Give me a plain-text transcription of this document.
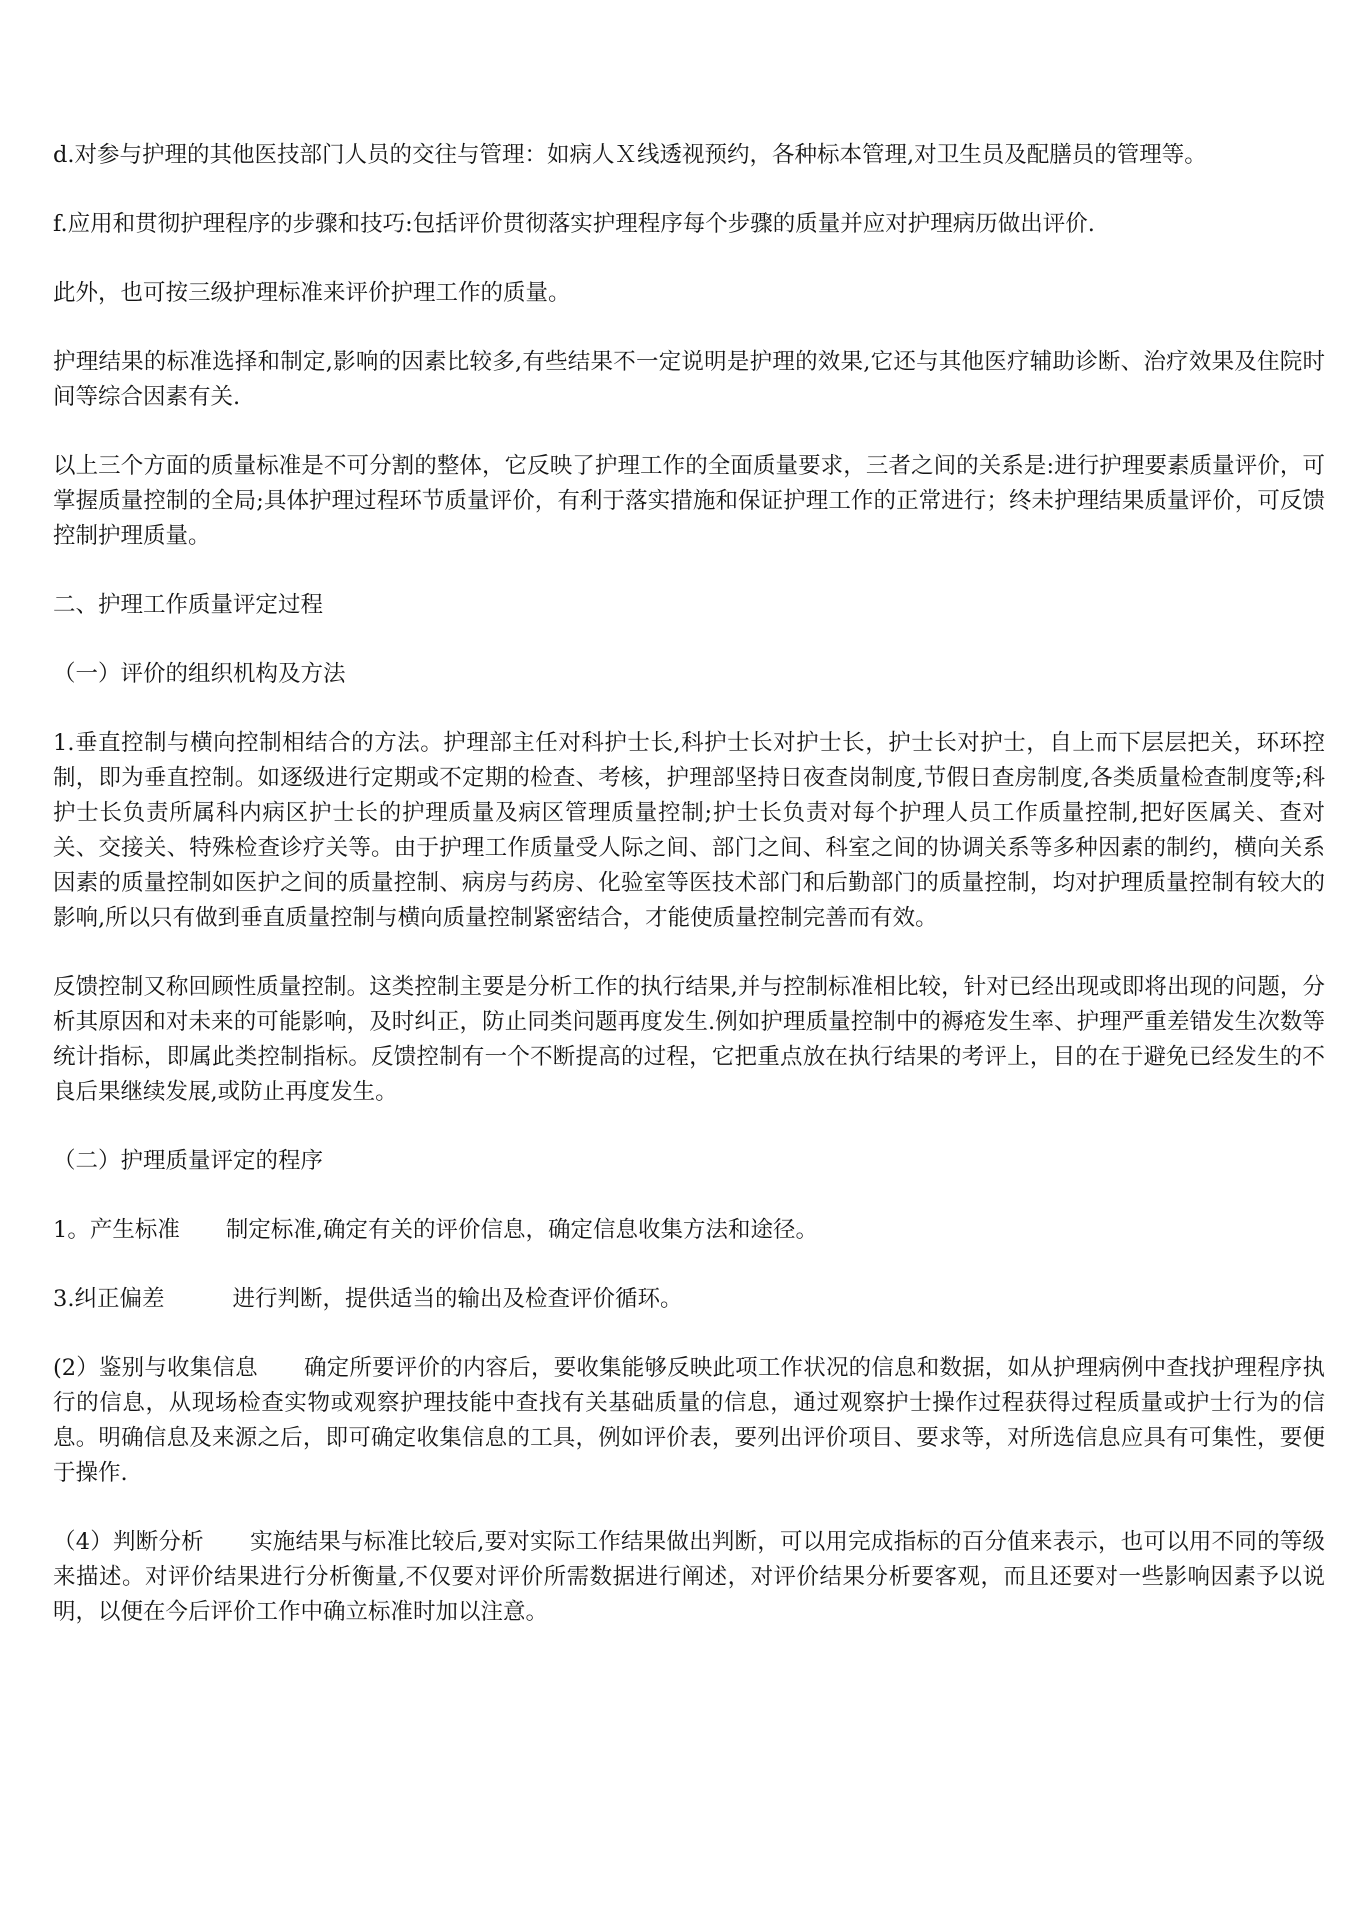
d.对参与护理的其他医技部门人员的交往与管理：如病人Ｘ线透视预约，各种标本管理,对卫生员及配膳员的管理等。

f.应用和贯彻护理程序的步骤和技巧:包括评价贯彻落实护理程序每个步骤的质量并应对护理病历做出评价.

此外，也可按三级护理标准来评价护理工作的质量。

护理结果的标准选择和制定,影响的因素比较多,有些结果不一定说明是护理的效果,它还与其他医疗辅助诊断、治疗效果及住院时间等综合因素有关.

以上三个方面的质量标准是不可分割的整体，它反映了护理工作的全面质量要求，三者之间的关系是:进行护理要素质量评价，可掌握质量控制的全局;具体护理过程环节质量评价，有利于落实措施和保证护理工作的正常进行；终未护理结果质量评价，可反馈控制护理质量。

二、护理工作质量评定过程

（一）评价的组织机构及方法

1.垂直控制与横向控制相结合的方法。护理部主任对科护士长,科护士长对护士长，护士长对护士，自上而下层层把关，环环控制，即为垂直控制。如逐级进行定期或不定期的检查、考核，护理部坚持日夜查岗制度,节假日查房制度,各类质量检查制度等;科护士长负责所属科内病区护士长的护理质量及病区管理质量控制;护士长负责对每个护理人员工作质量控制,把好医属关、查对关、交接关、特殊检查诊疗关等。由于护理工作质量受人际之间、部门之间、科室之间的协调关系等多种因素的制约，横向关系因素的质量控制如医护之间的质量控制、病房与药房、化验室等医技术部门和后勤部门的质量控制，均对护理质量控制有较大的影响,所以只有做到垂直质量控制与横向质量控制紧密结合，才能使质量控制完善而有效。

反馈控制又称回顾性质量控制。这类控制主要是分析工作的执行结果,并与控制标准相比较，针对已经出现或即将出现的问题，分析其原因和对未来的可能影响，及时纠正，防止同类问题再度发生.例如护理质量控制中的褥疮发生率、护理严重差错发生次数等统计指标，即属此类控制指标。反馈控制有一个不断提高的过程，它把重点放在执行结果的考评上，目的在于避免已经发生的不良后果继续发展,或防止再度发生。

（二）护理质量评定的程序

1。产生标准 制定标准,确定有关的评价信息，确定信息收集方法和途径。

3.纠正偏差	进行判断，提供适当的输出及检查评价循环。

(2）鉴别与收集信息 确定所要评价的内容后，要收集能够反映此项工作状况的信息和数据，如从护理病例中查找护理程序执行的信息，从现场检查实物或观察护理技能中查找有关基础质量的信息，通过观察护士操作过程获得过程质量或护士行为的信息。明确信息及来源之后，即可确定收集信息的工具，例如评价表，要列出评价项目、要求等，对所选信息应具有可集性，要便于操作.

（4）判断分析 实施结果与标准比较后,要对实际工作结果做出判断，可以用完成指标的百分值来表示，也可以用不同的等级来描述。对评价结果进行分析衡量,不仅要对评价所需数据进行阐述，对评价结果分析要客观，而且还要对一些影响因素予以说明，以便在今后评价工作中确立标准时加以注意。
